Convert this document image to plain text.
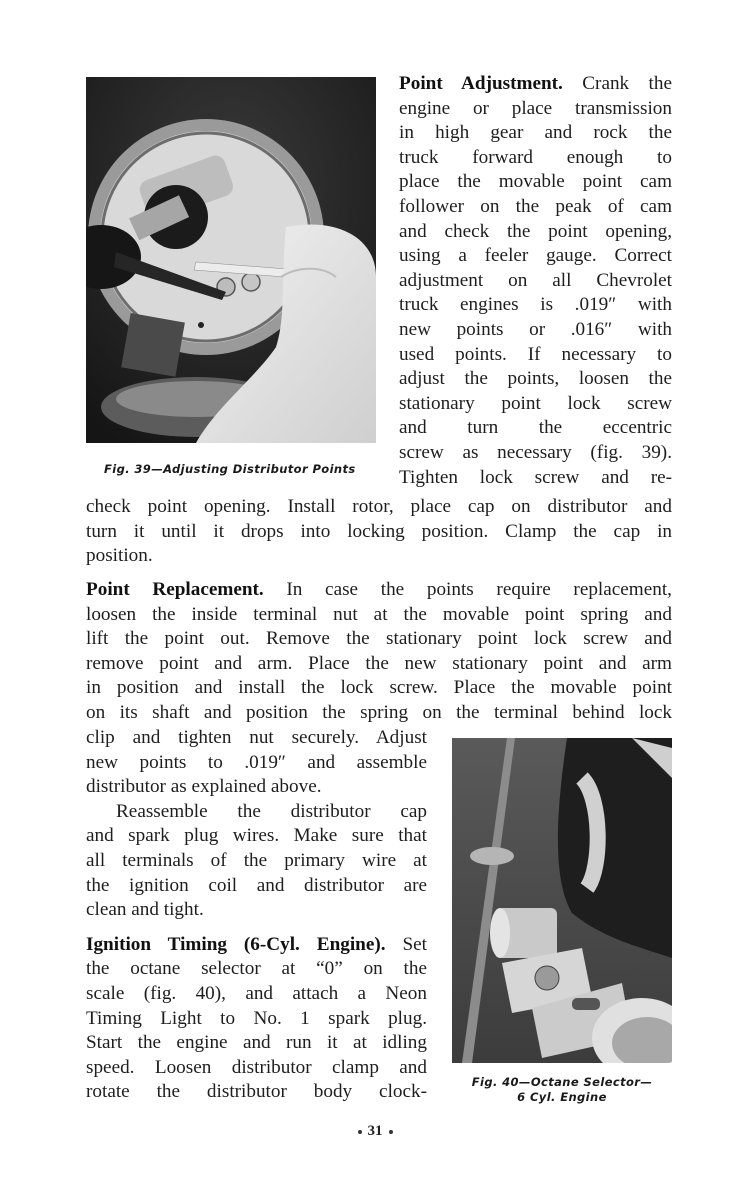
Fig. 39—Adjusting Distributor Points
Point Adjustment. Crank the
engine or place transmission
in high gear and rock the
truck forward enough to
place the movable point cam
follower on the peak of cam
and check the point opening,
using a feeler gauge. Correct
adjustment on all Chevrolet
truck engines is .019″ with
new points or .016″ with
used points. If necessary to
adjust the points, loosen the
stationary point lock screw
and turn the eccentric
screw as necessary (fig. 39).
Tighten lock screw and re-
check point opening. Install rotor, place cap on distributor and
turn it until it drops into locking position. Clamp the cap in
position.
Point Replacement. In case the points require replacement,
loosen the inside terminal nut at the movable point spring and
lift the point out. Remove the stationary point lock screw and
remove point and arm. Place the new stationary point and arm
in position and install the lock screw. Place the movable point
on its shaft and position the spring on the terminal behind lock
clip and tighten nut securely. Adjust
new points to .019″ and assemble
distributor as explained above.
Reassemble the distributor cap
and spark plug wires. Make sure that
all terminals of the primary wire at
the ignition coil and distributor are
clean and tight.
Ignition Timing (6-Cyl. Engine). Set
the octane selector at “0” on the
scale (fig. 40), and attach a Neon
Timing Light to No. 1 spark plug.
Start the engine and run it at idling
speed. Loosen distributor clamp and
rotate the distributor body clock-	Fig. 40—Octane Selector—
6 Cyl. Engine
31
